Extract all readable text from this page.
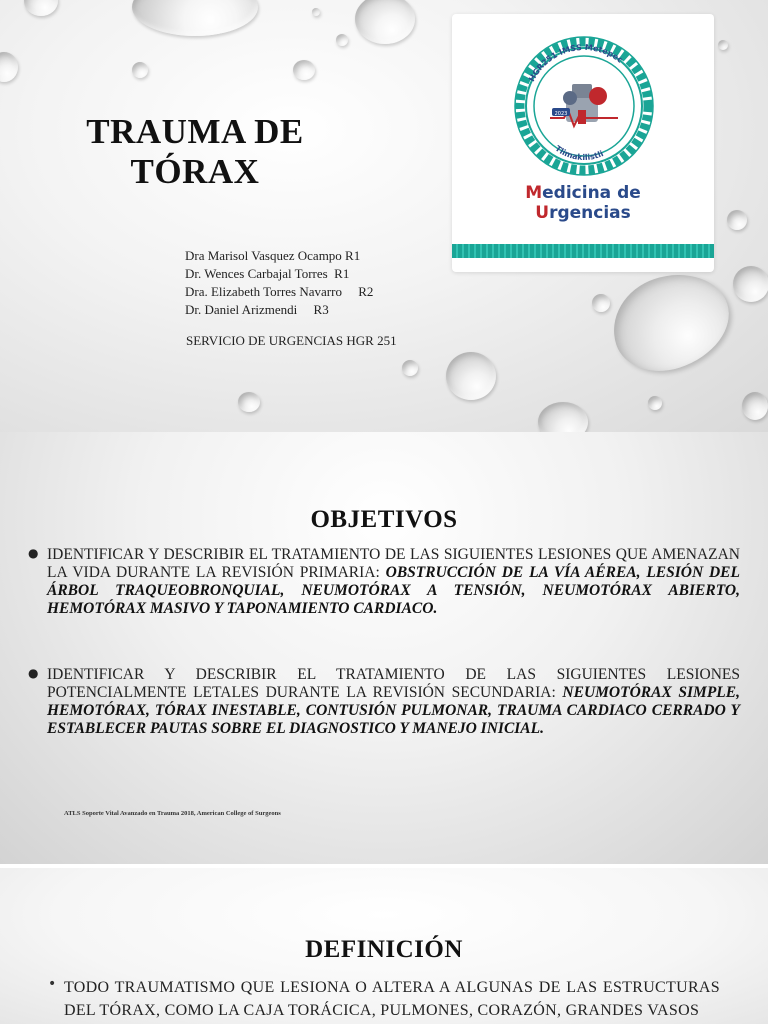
TRAUMA DE
TÓRAX
Dra Marisol Vasquez Ocampo R1
Dr. Wences Carbajal Torres  R1
Dra. Elizabeth Torres Navarro     R2
Dr. Daniel Arizmendi     R3
SERVICIO DE URGENCIAS HGR 251
HGR251 IMSS Metepec
Tlimakilistli
2023
Medicina de
Urgencias
OBJETIVOS
● IDENTIFICAR Y DESCRIBIR EL TRATAMIENTO DE LAS SIGUIENTES LESIONES QUE AMENAZAN LA VIDA DURANTE LA REVISIÓN PRIMARIA: OBSTRUCCIÓN DE LA VÍA AÉREA, LESIÓN DEL ÁRBOL TRAQUEOBRONQUIAL, NEUMOTÓRAX A TENSIÓN, NEUMOTÓRAX ABIERTO, HEMOTÓRAX MASIVO Y TAPONAMIENTO CARDIACO.
● IDENTIFICAR Y DESCRIBIR EL TRATAMIENTO DE LAS SIGUIENTES LESIONES POTENCIALMENTE LETALES DURANTE LA REVISIÓN SECUNDARIA: NEUMOTÓRAX SIMPLE, HEMOTÓRAX, TÓRAX INESTABLE, CONTUSIÓN PULMONAR, TRAUMA CARDIACO CERRADO Y ESTABLECER PAUTAS SOBRE EL DIAGNOSTICO Y MANEJO INICIAL.
ATLS Soporte Vital Avanzado en Trauma 2018, American College of Surgeons
DEFINICIÓN
• TODO TRAUMATISMO QUE LESIONA O ALTERA A ALGUNAS DE LAS ESTRUCTURAS DEL TÓRAX, COMO LA CAJA TORÁCICA, PULMONES, CORAZÓN, GRANDES VASOS
